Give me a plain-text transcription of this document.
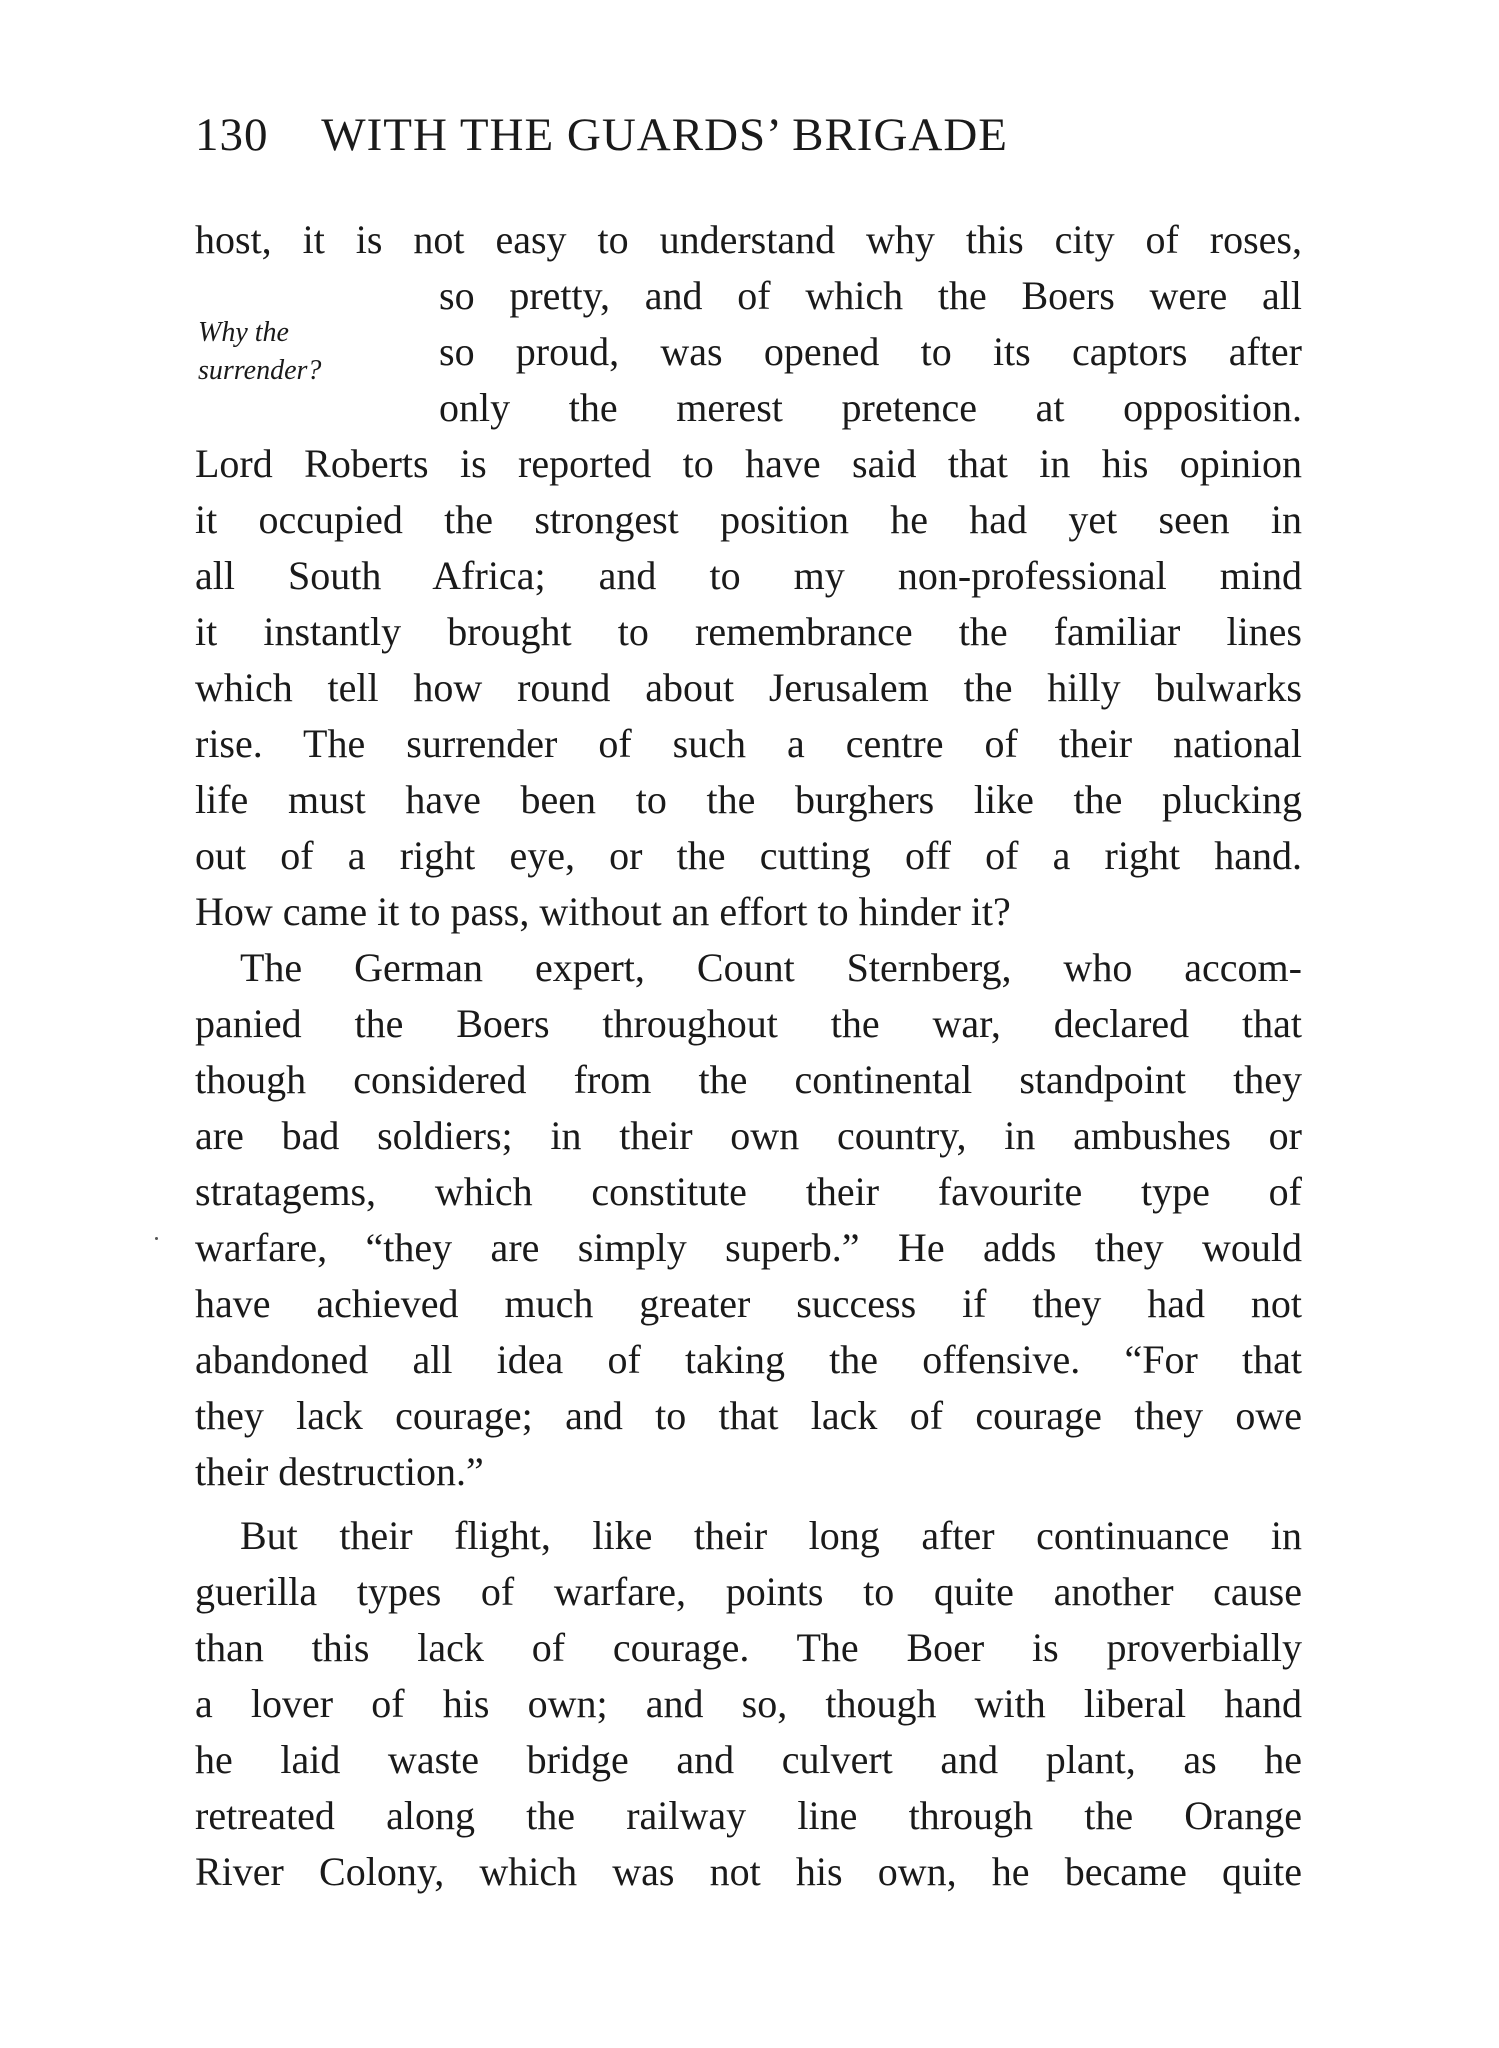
130 WITH THE GUARDS’ BRIGADE
Why the
surrender?
host, it is not easy to understand why this city of roses,
so pretty, and of which the Boers were all
so proud, was opened to its captors after
only the merest pretence at opposition.
Lord Roberts is reported to have said that in his opinion
it occupied the strongest position he had yet seen in
all South Africa; and to my non-professional mind
it instantly brought to remembrance the familiar lines
which tell how round about Jerusalem the hilly bulwarks
rise. The surrender of such a centre of their national
life must have been to the burghers like the plucking
out of a right eye, or the cutting off of a right hand.
How came it to pass, without an effort to hinder it?
The German expert, Count Sternberg, who accom-
panied the Boers throughout the war, declared that
though considered from the continental standpoint they
are bad soldiers; in their own country, in ambushes or
stratagems, which constitute their favourite type of
warfare, “they are simply superb.” He adds they would
have achieved much greater success if they had not
abandoned all idea of taking the offensive. “For that
they lack courage; and to that lack of courage they owe
their destruction.”
But their flight, like their long after continuance in
guerilla types of warfare, points to quite another cause
than this lack of courage. The Boer is proverbially
a lover of his own; and so, though with liberal hand
he laid waste bridge and culvert and plant, as he
retreated along the railway line through the Orange
River Colony, which was not his own, he became quite
